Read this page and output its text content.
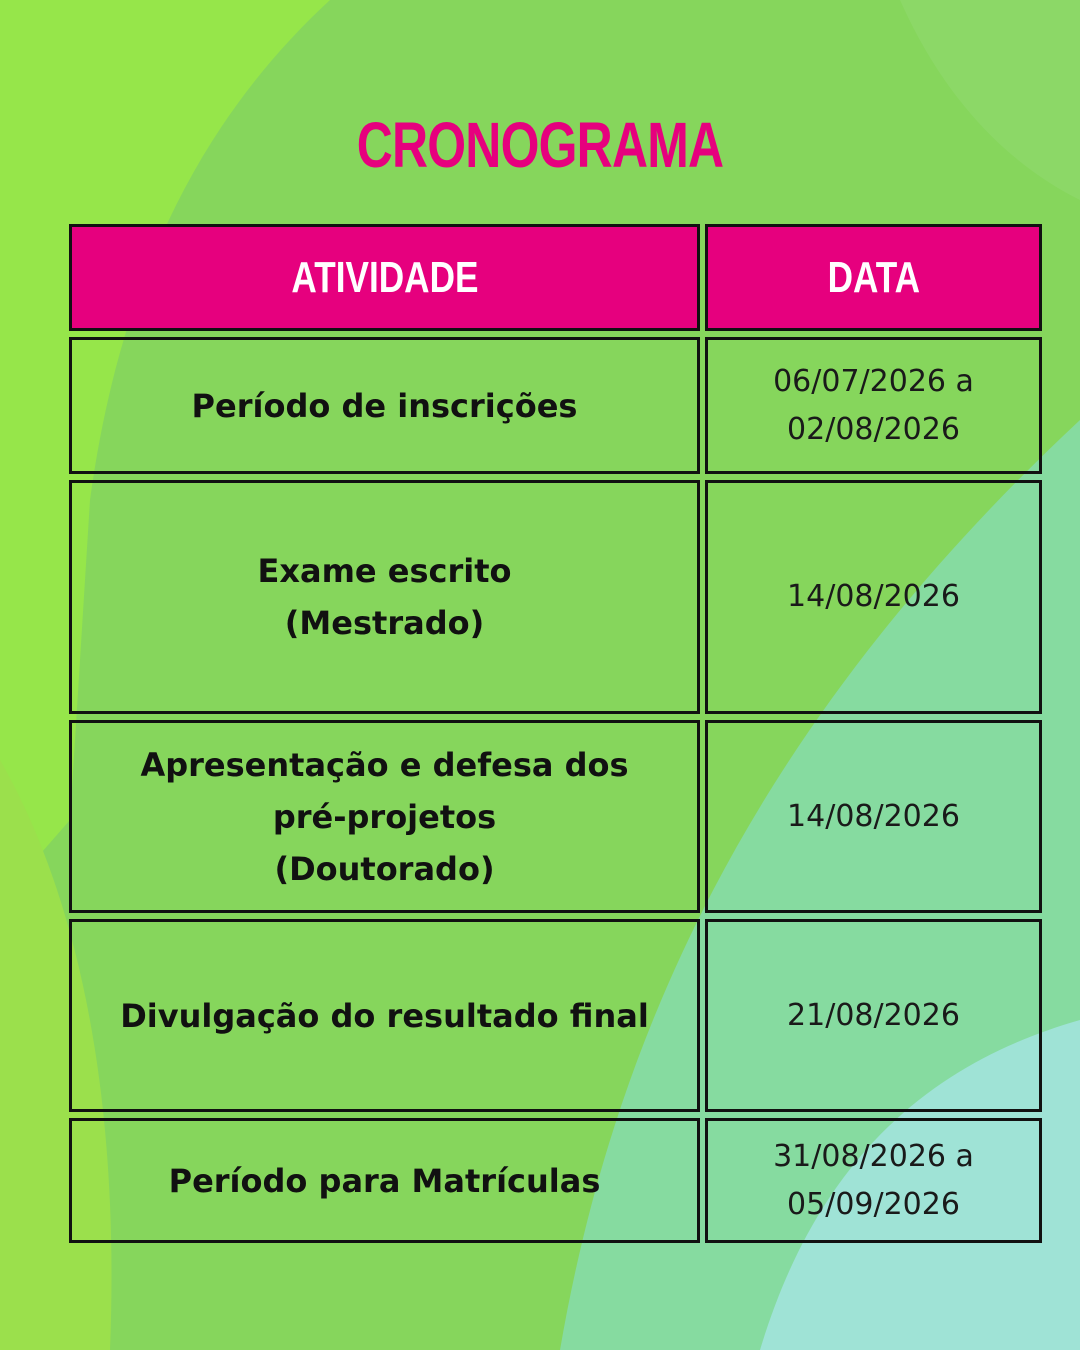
CRONOGRAMA
ATIVIDADE	DATA
Período de inscrições
06/07/2026 a
02/08/2026
Exame escrito
(Mestrado)
14/08/2026
Apresentação e defesa dos
pré-projetos
(Doutorado)
14/08/2026
Divulgação do resultado final	21/08/2026
Período para Matrículas
31/08/2026 a
05/09/2026
